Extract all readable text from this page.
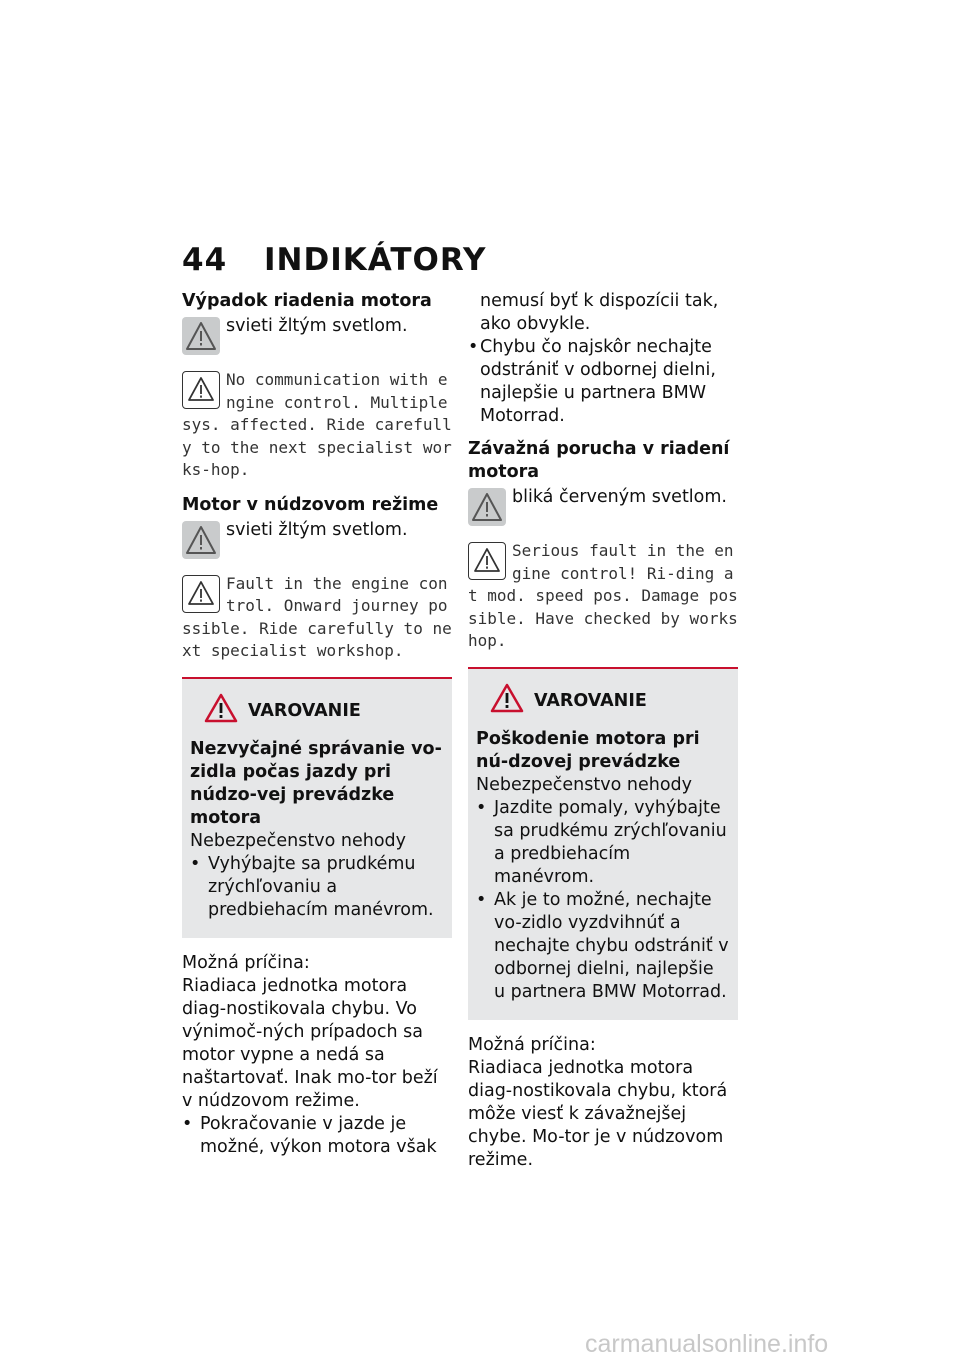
44 INDIKÁTORY
Výpadok riadenia motora
svieti žltým svetlom.
No communication with engine control. Multiple sys. affected. Ride carefully to the next specialist works-hop.
Motor v núdzovom režime
svieti žltým svetlom.
Fault in the engine control. Onward journey possible. Ride carefully to next specialist workshop.
VAROVANIE
Nezvyčajné správanie vo-zidla počas jazdy pri núdzo-vej prevádzke motora
Nebezpečenstvo nehody
• Vyhýbajte sa prudkému zrýchľovaniu a predbiehacím manévrom.

Možná príčina:

Riadiaca jednotka motora diag-nostikovala chybu. Vo výnimoč-ných prípadoch sa motor vypne a nedá sa naštartovať. Inak mo-tor beží v núdzovom režime.

• Pokračovanie v jazde je možné, výkon motora však

nemusí byť k dispozícii tak, ako obvykle.

• Chybu čo najskôr nechajte odstrániť v odbornej dielni, najlepšie u partnera BMW Motorrad.
Závažná porucha v riadení motora
bliká červeným svetlom.
Serious fault in the engine control! Ri-ding at mod. speed pos. Damage possible. Have checked by workshop.
VAROVANIE
Poškodenie motora pri nú-dzovej prevádzke
Nebezpečenstvo nehody
• Jazdite pomaly, vyhýbajte sa prudkému zrýchľovaniu a predbiehacím manévrom.
• Ak je to možné, nechajte vo-zidlo vyzdvihnúť a nechajte chybu odstrániť v odbornej dielni, najlepšie u partnera BMW Motorrad.

Možná príčina:

Riadiaca jednotka motora diag-nostikovala chybu, ktorá môže viesť k závažnejšej chybe. Mo-tor je v núdzovom režime.

carmanualsonline.info
